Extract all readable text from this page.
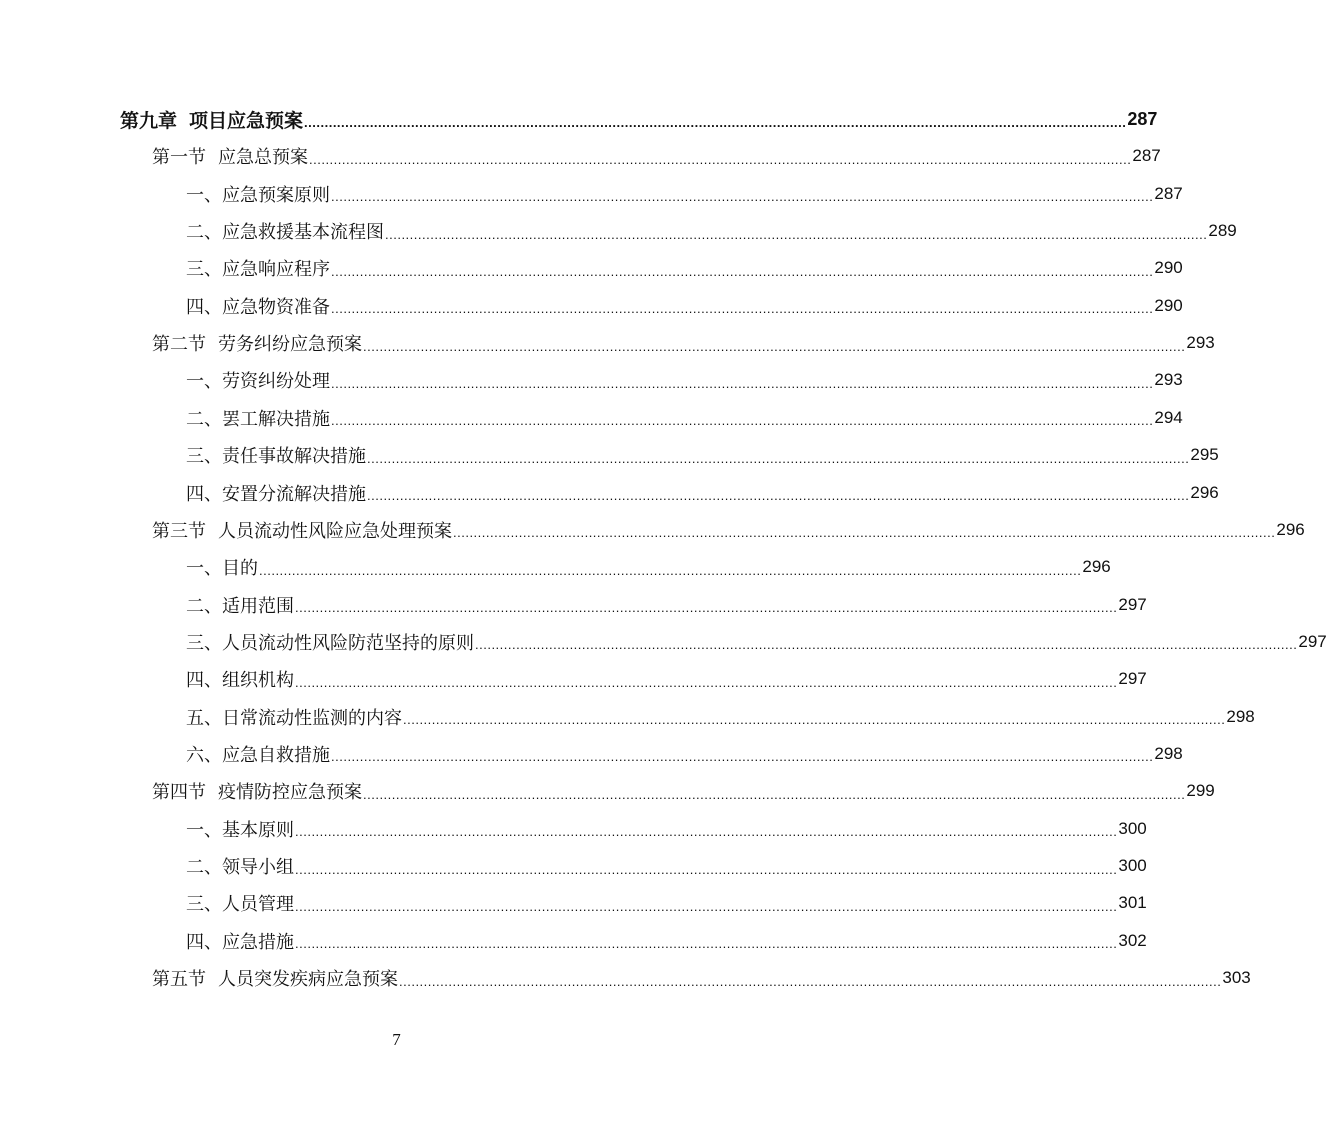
第九章 项目应急预案 ........................................................................................................................................................................................................ 287
第一节 应急总预案 ........................................................................................................................................................................................................ 287
一、应急预案原则 ........................................................................................................................................................................................................ 287
二、应急救援基本流程图 ........................................................................................................................................................................................................ 289
三、应急响应程序 ........................................................................................................................................................................................................ 290
四、应急物资准备 ........................................................................................................................................................................................................ 290
第二节 劳务纠纷应急预案 ........................................................................................................................................................................................................ 293
一、劳资纠纷处理 ........................................................................................................................................................................................................ 293
二、罢工解决措施 ........................................................................................................................................................................................................ 294
三、责任事故解决措施 ........................................................................................................................................................................................................ 295
四、安置分流解决措施 ........................................................................................................................................................................................................ 296
第三节 人员流动性风险应急处理预案 ........................................................................................................................................................................................................ 296
一、目的 ........................................................................................................................................................................................................ 296
二、适用范围 ........................................................................................................................................................................................................ 297
三、人员流动性风险防范坚持的原则 ........................................................................................................................................................................................................ 297
四、组织机构 ........................................................................................................................................................................................................ 297
五、日常流动性监测的内容 ........................................................................................................................................................................................................ 298
六、应急自救措施 ........................................................................................................................................................................................................ 298
第四节 疫情防控应急预案 ........................................................................................................................................................................................................ 299
一、基本原则 ........................................................................................................................................................................................................ 300
二、领导小组 ........................................................................................................................................................................................................ 300
三、人员管理 ........................................................................................................................................................................................................ 301
四、应急措施 ........................................................................................................................................................................................................ 302
第五节 人员突发疾病应急预案 ........................................................................................................................................................................................................ 303
7
